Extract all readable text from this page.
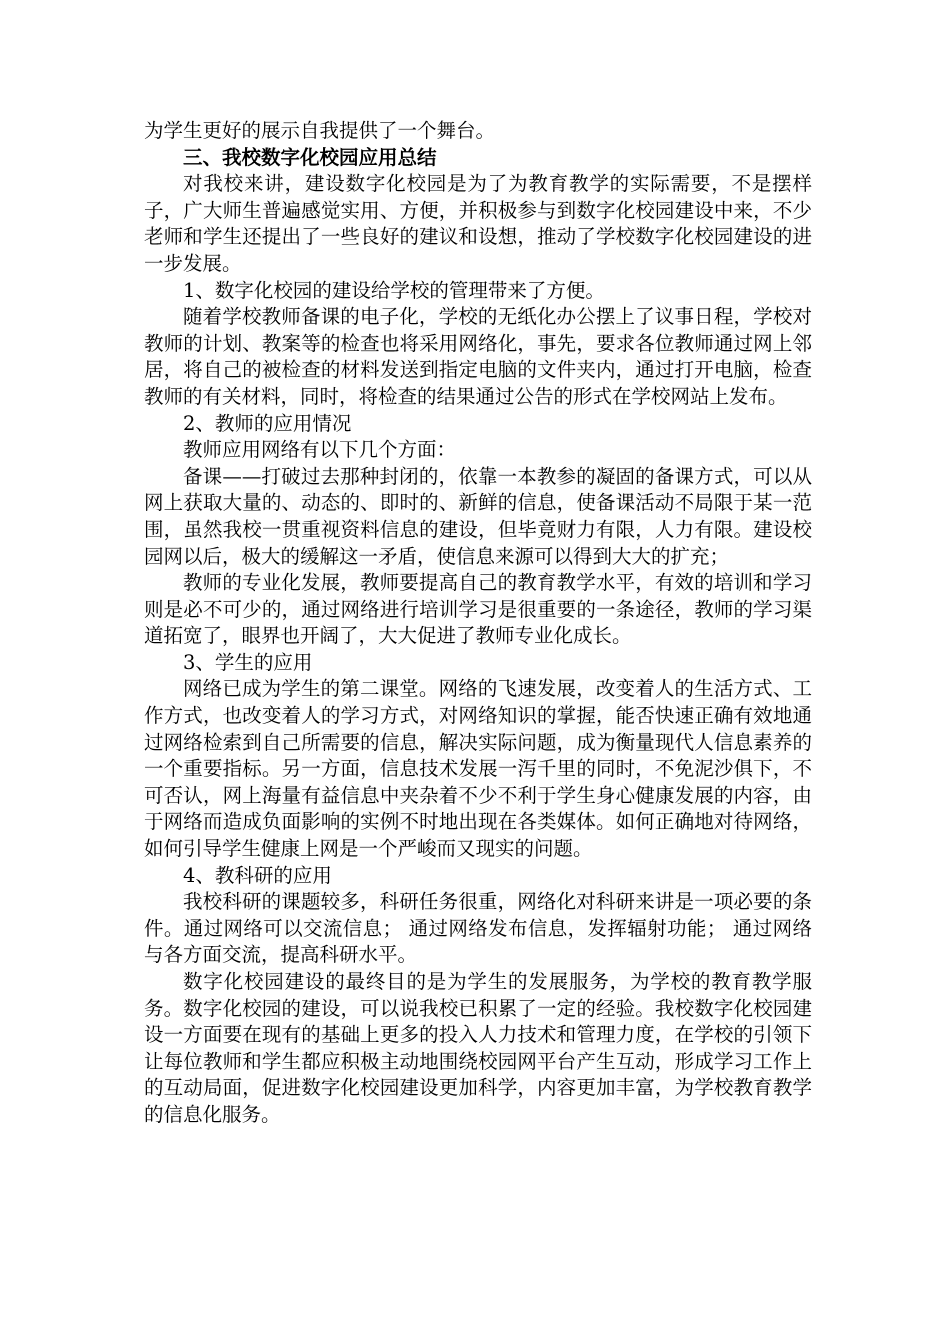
为学生更好的展示自我提供了一个舞台。

三、我校数字化校园应用总结

对我校来讲，建设数字化校园是为了为教育教学的实际需要，不是摆样子，广大师生普遍感觉实用、方便，并积极参与到数字化校园建设中来，不少老师和学生还提出了一些良好的建议和设想，推动了学校数字化校园建设的进一步发展。

1、数字化校园的建设给学校的管理带来了方便。

随着学校教师备课的电子化，学校的无纸化办公摆上了议事日程，学校对教师的计划、教案等的检查也将采用网络化，事先，要求各位教师通过网上邻居，将自己的被检查的材料发送到指定电脑的文件夹内，通过打开电脑，检查教师的有关材料，同时，将检查的结果通过公告的形式在学校网站上发布。

2、教师的应用情况

教师应用网络有以下几个方面：

备课——打破过去那种封闭的，依靠一本教参的凝固的备课方式，可以从网上获取大量的、动态的、即时的、新鲜的信息，使备课活动不局限于某一范围，虽然我校一贯重视资料信息的建设，但毕竟财力有限，人力有限。建设校园网以后，极大的缓解这一矛盾，使信息来源可以得到大大的扩充；

教师的专业化发展，教师要提高自己的教育教学水平，有效的培训和学习则是必不可少的，通过网络进行培训学习是很重要的一条途径，教师的学习渠道拓宽了，眼界也开阔了，大大促进了教师专业化成长。

3、学生的应用

网络已成为学生的第二课堂。网络的飞速发展，改变着人的生活方式、工作方式，也改变着人的学习方式，对网络知识的掌握，能否快速正确有效地通过网络检索到自己所需要的信息，解决实际问题，成为衡量现代人信息素养的一个重要指标。另一方面，信息技术发展一泻千里的同时，不免泥沙俱下，不可否认，网上海量有益信息中夹杂着不少不利于学生身心健康发展的内容，由于网络而造成负面影响的实例不时地出现在各类媒体。如何正确地对待网络，如何引导学生健康上网是一个严峻而又现实的问题。

4、教科研的应用

我校科研的课题较多，科研任务很重，网络化对科研来讲是一项必要的条件。通过网络可以交流信息； 通过网络发布信息，发挥辐射功能； 通过网络与各方面交流，提高科研水平。

数字化校园建设的最终目的是为学生的发展服务，为学校的教育教学服务。数字化校园的建设，可以说我校已积累了一定的经验。我校数字化校园建设一方面要在现有的基础上更多的投入人力技术和管理力度，在学校的引领下让每位教师和学生都应积极主动地围绕校园网平台产生互动，形成学习工作上的互动局面，促进数字化校园建设更加科学，内容更加丰富，为学校教育教学的信息化服务。
